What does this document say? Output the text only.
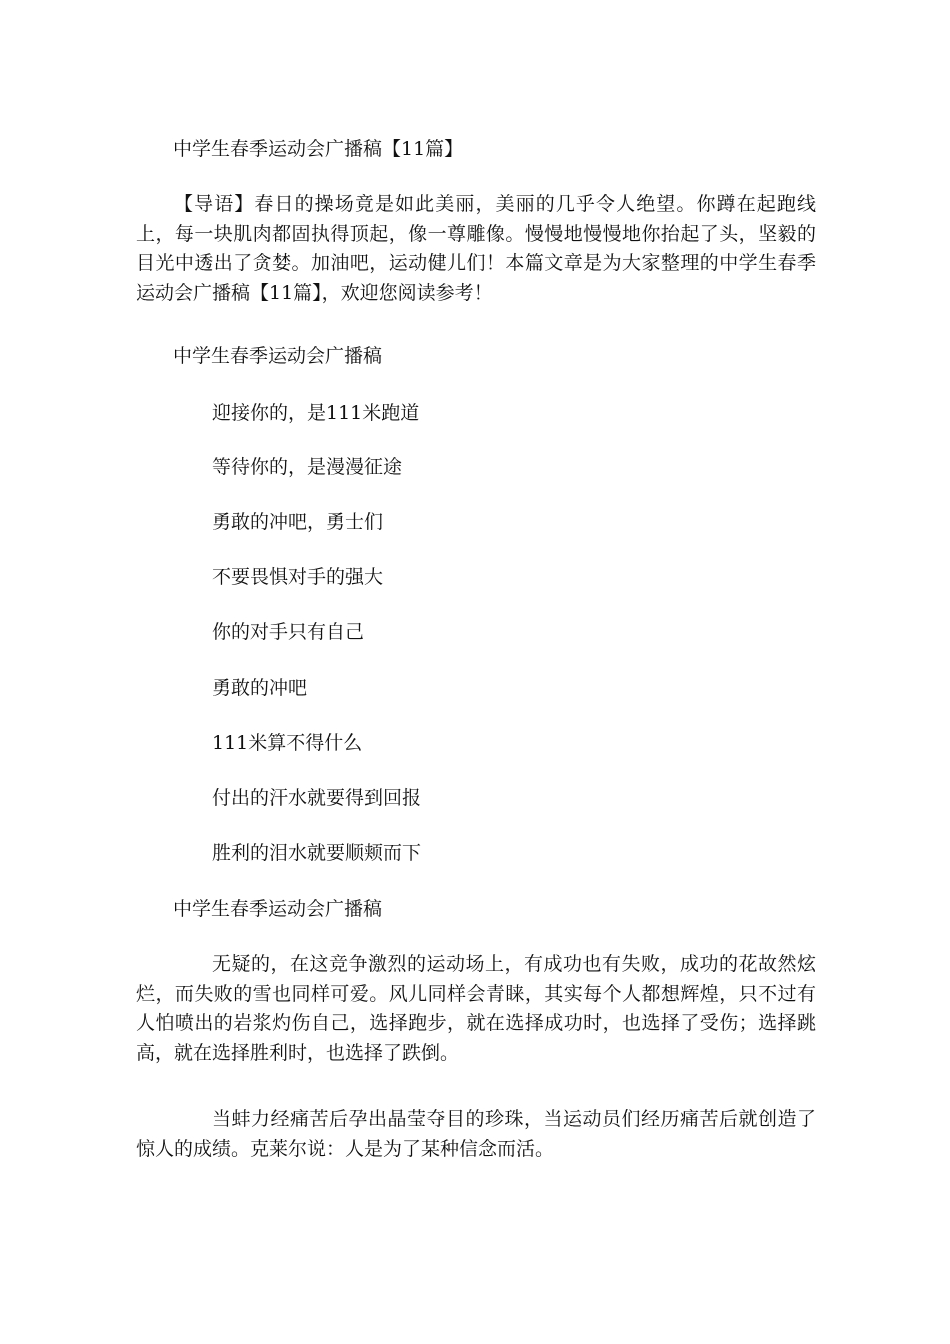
中学生春季运动会广播稿【11篇】

【导语】春日的操场竟是如此美丽，美丽的几乎令人绝望。你蹲在起跑线上，每一块肌肉都固执得顶起，像一尊雕像。慢慢地慢慢地你抬起了头，坚毅的目光中透出了贪婪。加油吧，运动健儿们！本篇文章是为大家整理的中学生春季运动会广播稿【11篇】，欢迎您阅读参考！

中学生春季运动会广播稿

迎接你的，是111米跑道

等待你的，是漫漫征途

勇敢的冲吧，勇士们

不要畏惧对手的强大

你的对手只有自己

勇敢的冲吧

111米算不得什么

付出的汗水就要得到回报

胜利的泪水就要顺颊而下

中学生春季运动会广播稿

无疑的，在这竞争激烈的运动场上，有成功也有失败，成功的花故然炫烂，而失败的雪也同样可爱。风儿同样会青睐，其实每个人都想辉煌，只不过有人怕喷出的岩浆灼伤自己，选择跑步，就在选择成功时，也选择了受伤；选择跳高，就在选择胜利时，也选择了跌倒。

当蚌力经痛苦后孕出晶莹夺目的珍珠，当运动员们经历痛苦后就创造了惊人的成绩。克莱尔说：人是为了某种信念而活。
